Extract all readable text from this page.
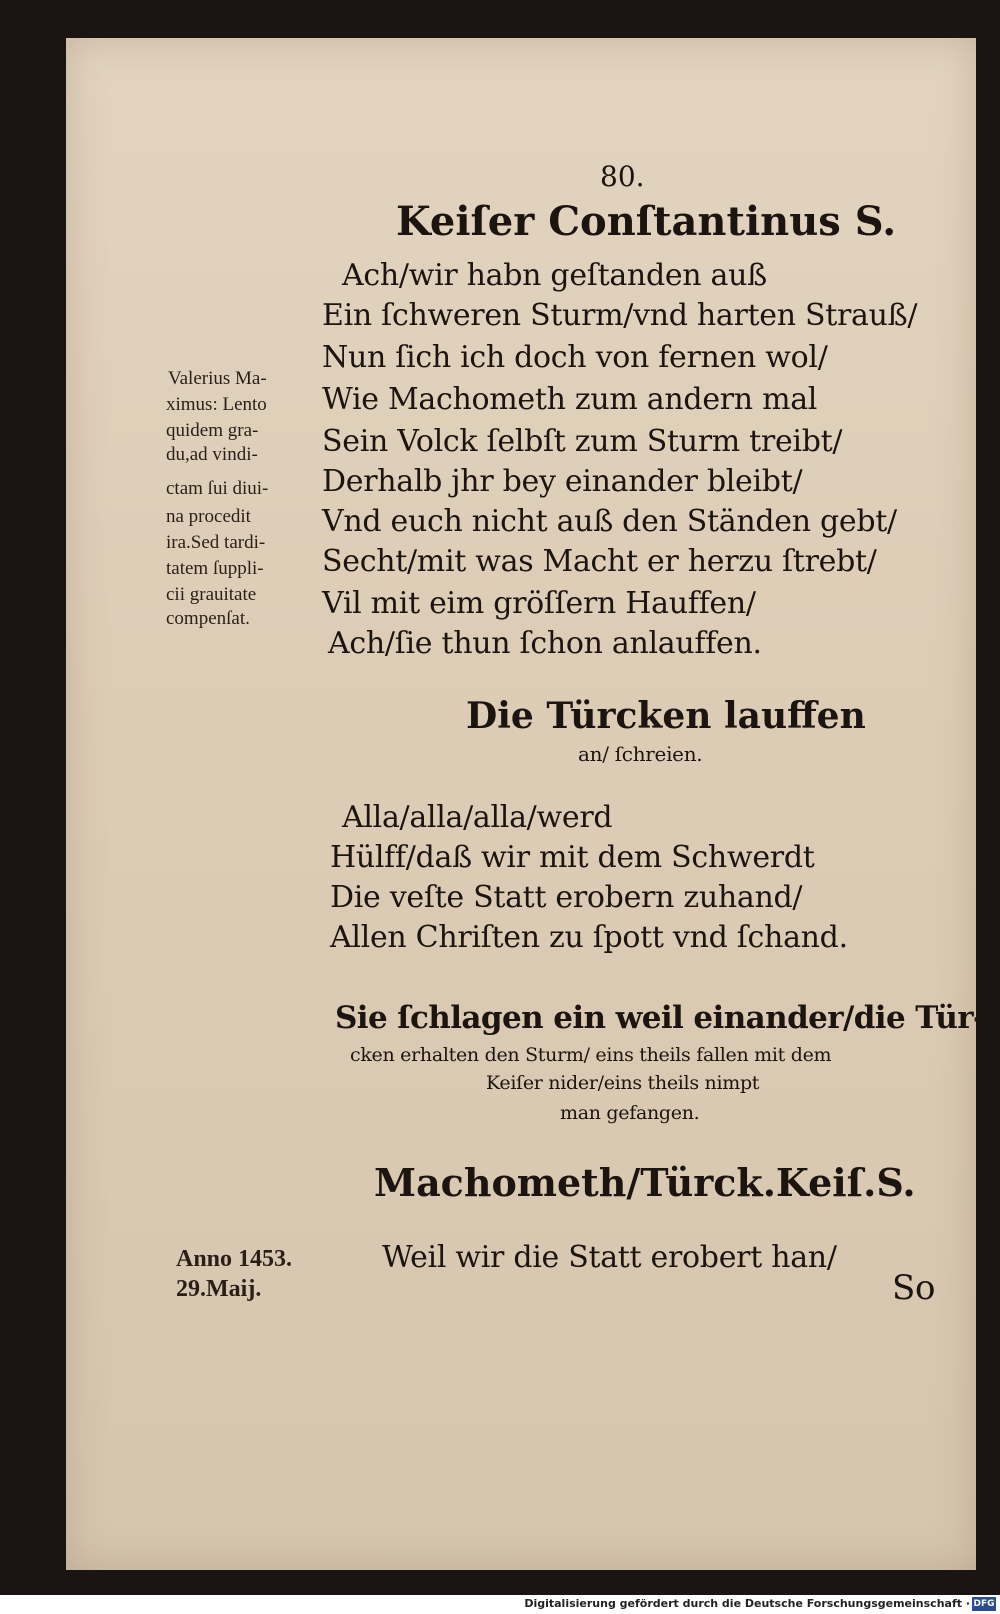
80.
Keiſer Conſtantinus S.
Ach/wir habn geſtanden auß
Ein ſchweren Sturm/vnd harten Strauß/
Nun ſich ich doch von fernen wol/
Wie Machometh zum andern mal
Sein Volck ſelbſt zum Sturm treibt/
Derhalb jhr bey einander bleibt/
Vnd euch nicht auß den Ständen gebt/
Secht/mit was Macht er herzu ſtrebt/
Vil mit eim gröſſern Hauffen/
Ach/ſie thun ſchon anlauffen.
Valerius Ma-
ximus: Lento
quidem gra-
du,ad vindi-
ctam ſui diui-
na procedit
ira.Sed tardi-
tatem ſuppli-
cii grauitate
compenſat.
Die Türcken lauffen
an/ ſchreien.
Alla/alla/alla/werd
Hülff/daß wir mit dem Schwerdt
Die veſte Statt erobern zuhand/
Allen Chriſten zu ſpott vnd ſchand.
Sie ſchlagen ein weil einander/die Tür-
cken erhalten den Sturm/ eins theils fallen mit dem
Keiſer nider/eins theils nimpt
man gefangen.
Machometh/Türck.Keiſ.S.
Weil wir die Statt erobert han/
Anno 1453.
29.Maij.	So
Digitalisierung gefördert durch die Deutsche Forschungsgemeinschaft · DFG
